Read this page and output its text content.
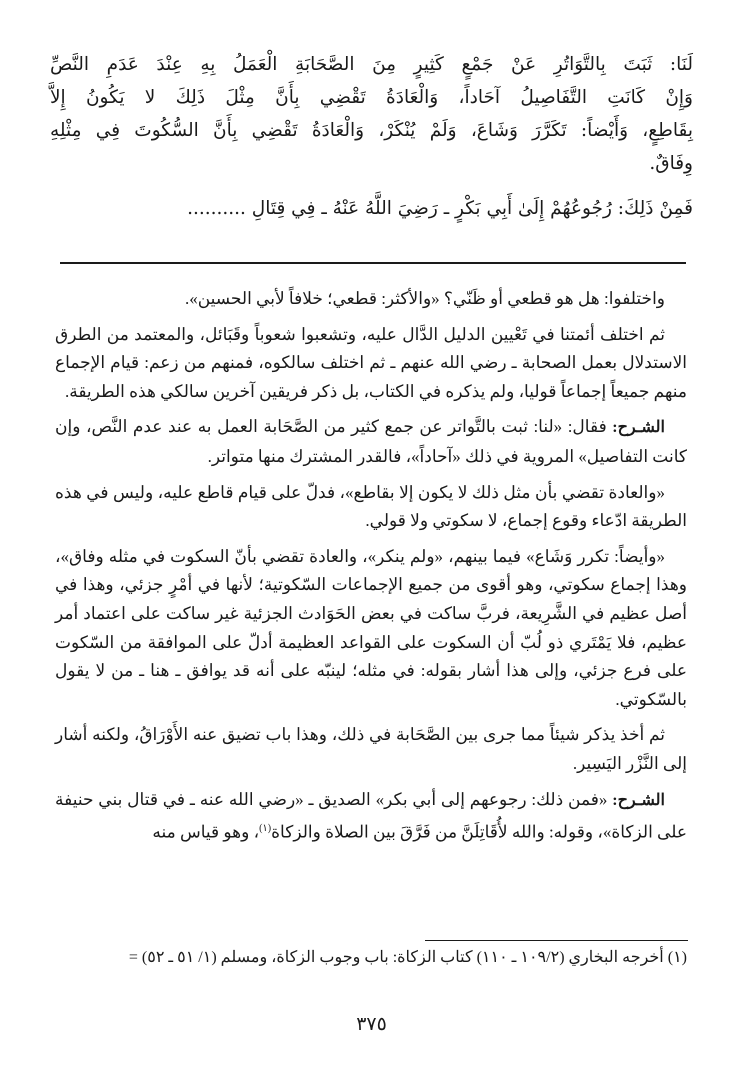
لَنَا: ثَبَتَ بِالتَّوَاتُرِ عَنْ جَمْعٍ كَثِيرٍ مِنَ الصَّحَابَةِ الْعَمَلُ بِهِ عِنْدَ عَدَمِ النَّصِّ
وَإِنْ كَانَتِ التَّفَاصِيلُ آحَاداً، وَالْعَادَةُ تَقْضِي بِأَنَّ مِثْلَ ذَلِكَ لا يَكُونُ إِلاَّ
بِقَاطِعٍ، وَأَيْضاً: تَكَرَّرَ وَشَاعَ، وَلَمْ يُنْكَرْ، وَالْعَادَةُ تَقْضِي بِأَنَّ السُّكُوتَ فِي مِثْلِهِ
وِفَاقٌ.
فَمِنْ ذَلِكَ: رُجُوعُهُمْ إِلَىٰ أَبِي بَكْرٍ ـ رَضِيَ اللَّهُ عَنْهُ ـ فِي قِتَالِ ..........

واختلفوا: هل هو قطعي أو ظَنّي؟ «والأكثر: قطعي؛ خلافاً لأبي الحسين».

ثم اختلف أئمتنا في تَعْيين الدليل الدَّال عليه، وتشعبوا شعوباً وقَبَائل، والمعتمد من الطرق الاستدلال بعمل الصحابة ـ رضي الله عنهم ـ ثم اختلف سالكوه، فمنهم من زعم: قيام الإجماع منهم جميعاً إجماعاً قوليا، ولم يذكره في الكتاب، بل ذكر فريقين آخرين سالكي هذه الطريقة.

الشـرح: فقال: «لنا: ثبت بالتَّواتر عن جمع كثير من الصَّحَابة العمل به عند عدم النَّص، وإن كانت التفاصيل» المروية في ذلك «آحاداً»، فالقدر المشترك منها متواتر.

«والعادة تقضي بأن مثل ذلك لا يكون إلا بقاطع»، فدلّ على قيام قاطع عليه، وليس في هذه الطريقة ادّعاء وقوع إجماع، لا سكوتي ولا قولي.

«وأيضاً: تكرر وَشَاع» فيما بينهم، «ولم ينكر»، والعادة تقضي بأنّ السكوت في مثله وفاق»، وهذا إجماع سكوتي، وهو أقوى من جميع الإجماعات السّكوتية؛ لأنها في أمْرٍ جزئي، وهذا في أصل عظيم في الشَّرِيعة، فربَّ ساكت في بعض الحَوَادث الجزئية غير ساكت على اعتماد أمر عظيم، فلا يَمْتَري ذو لُبّ أن السكوت على القواعد العظيمة أدلّ على الموافقة من السّكوت على فرع جزئي، وإلى هذا أشار بقوله: في مثله؛ لينبّه على أنه قد يوافق ـ هنا ـ من لا يقول بالسّكوتي.

ثم أخذ يذكر شيئاً مما جرى بين الصَّحَابة في ذلك، وهذا باب تضيق عنه الأَوْرَاقُ، ولكنه أشار إلى النَّزْر اليَسِير.

الشـرح: «فمن ذلك: رجوعهم إلى أبي بكر» الصديق ـ «رضي الله عنه ـ في قتال بني حنيفة على الزكاة»، وقوله: والله لأُقَاتِلَنَّ من فَرَّقَ بين الصلاة والزكاة$^{(١)}$، وهو قياس منه

(١) أخرجه البخاري (١٠٩/٢ ـ ١١٠) كتاب الزكاة: باب وجوب الزكاة، ومسلم (١/ ٥١ ـ ٥٢) =
٣٧٥
